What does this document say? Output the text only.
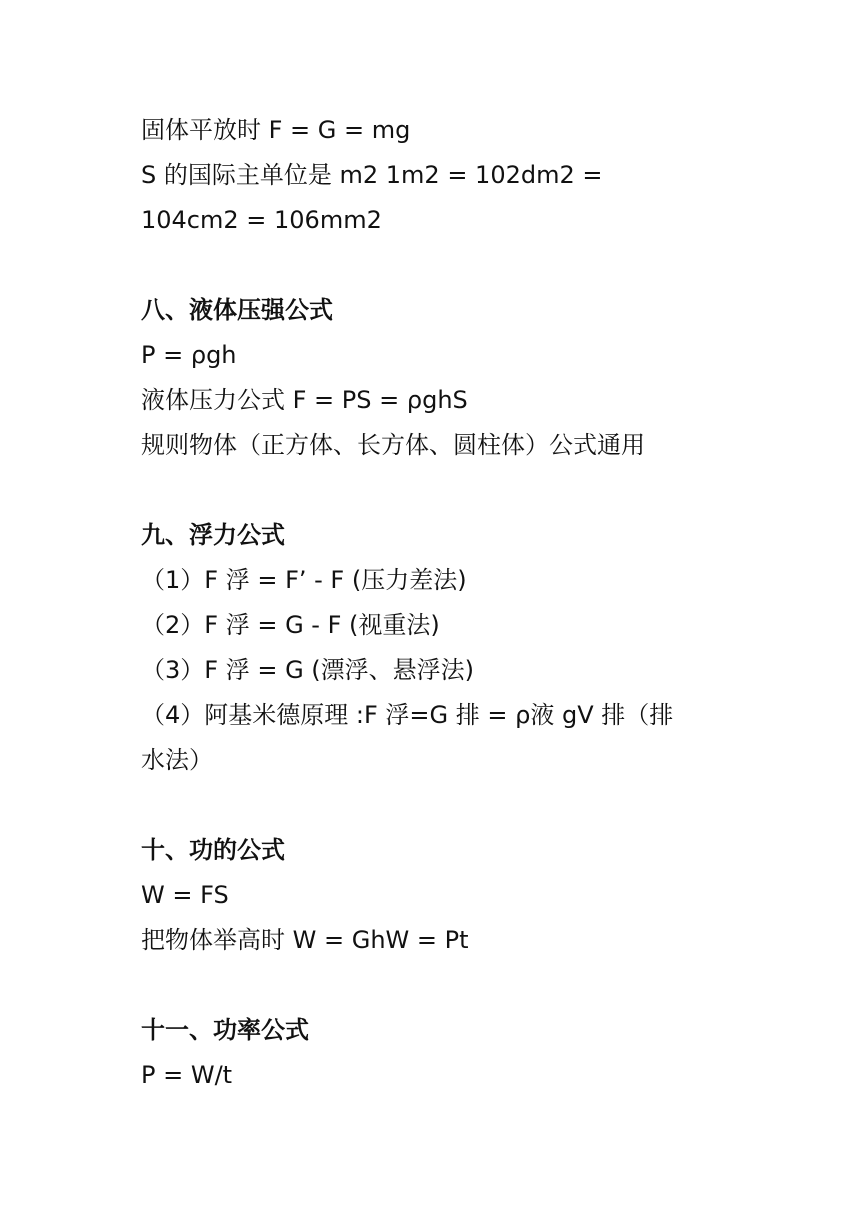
固体平放时 F = G = mg
S 的国际主单位是 m2 1m2 = 102dm2 =
104cm2 = 106mm2
八、液体压强公式
P = ρgh
液体压力公式 F = PS = ρghS
规则物体（正方体、长方体、圆柱体）公式通用
九、浮力公式
（1）F 浮 = F’ - F (压力差法)
（2）F 浮 = G - F (视重法)
（3）F 浮 = G (漂浮、悬浮法)
（4）阿基米德原理 :F 浮=G 排 = ρ液 gV 排（排
水法）
十、功的公式
W = FS
把物体举高时 W = GhW = Pt
十一、功率公式
P = W/t
